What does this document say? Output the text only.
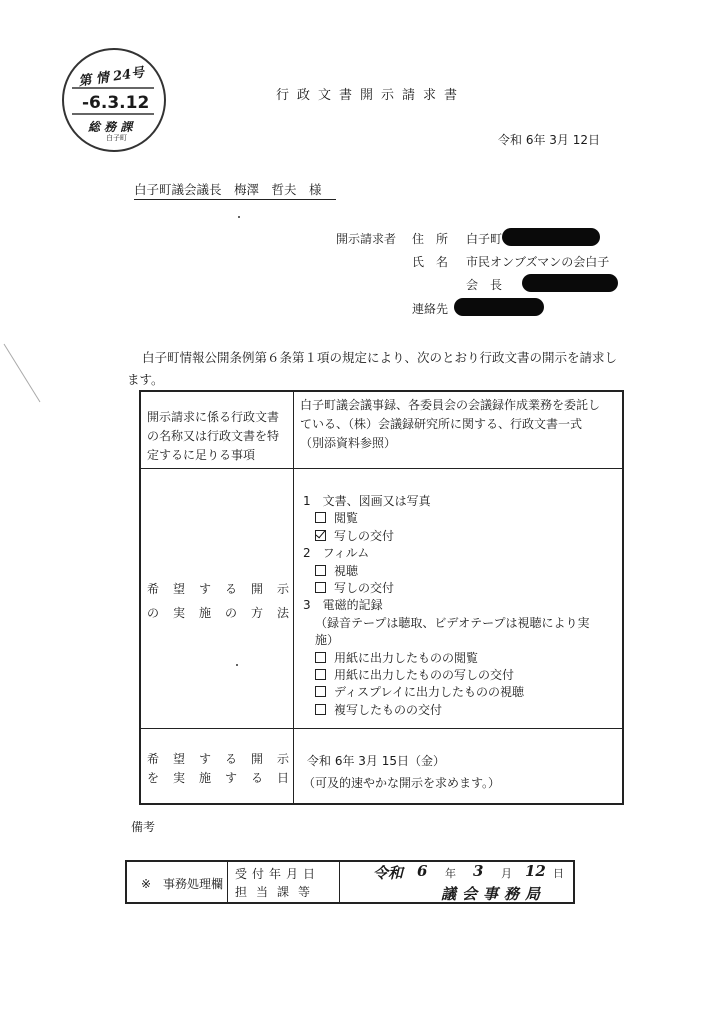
第 情 24号
-6.3.12
総 務 課
白子町
行政文書開示請求書
令和 6年 3月 12日
白子町議会議長　梅澤　哲夫　様
開示請求者 住　所 白子町
氏　名 市民オンブズマンの会白子
会　長
連絡先
白子町情報公開条例第６条第１項の規定により、次のとおり行政文書の開示を請求し
ます。
開示請求に係る行政文書
の名称又は行政文書を特
定するに足りる事項
白子町議会議事録、各委員会の会議録作成業務を委託し
ている、（株）会議録研究所に関する、行政文書一式
（別添資料参照）
希望する開示
の実施の方法
1　文書、図画又は写真
閲覧
写しの交付
2　フィルム
視聴
写しの交付
3　電磁的記録
（録音テープは聴取、ビデオテープは視聴により実
施）
用紙に出力したものの閲覧
用紙に出力したものの写しの交付
ディスプレイに出力したものの視聴
複写したものの交付
希望する開示
を実施する日
令和 6年 3月 15日（金）
（可及的速やかな開示を求めます。）
備考
※　事務処理欄
受付年月日
担当課等
令和 6 年 3 月 12 日
議会事務局
